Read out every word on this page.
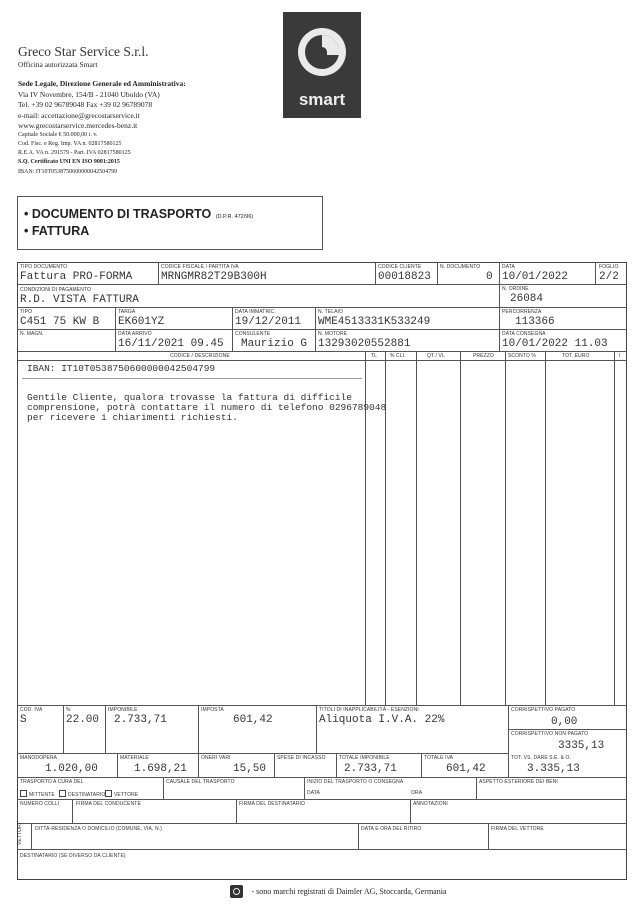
Greco Star Service S.r.l.
Officina autorizzata Smart
Sede Legale, Direzione Generale ed Amministrativa:
Via IV Novembre, 154/B - 21040 Uboldo (VA)
Tel. +39 02 96789048 Fax +39 02 96789078
e-mail: accettazione@grecostarservice.it
www.grecostarservice.mercedes-benz.it
Capitale Sociale € 50.000,00 i. v.
Cod. Fisc. e Reg. Imp. VA n. 02817580125
R.E.A. VA n. 291579 - Part. IVA 02817580125
S.Q. Certificato UNI EN ISO 9001:2015
IBAN: IT10T0538750600000042504799
smart
• DOCUMENTO DI TRASPORTO (D.P.R. 472/96)
• FATTURA
TIPO DOCUMENTO
Fattura PRO-FORMA
CODICE FISCALE / PARTITA IVA
MRNGMR82T29B300H
CODICE CLIENTE
00018823
N. DOCUMENTO
0
DATA
10/01/2022
FOGLIO
2/2
CONDIZIONI DI PAGAMENTO
R.D. VISTA FATTURA
N. ORDINE
26084
TIPO
C451 75 KW B
TARGA
EK601YZ
DATA IMMATRIC.
19/12/2011
N. TELAIO
WME4513331K533249
PERCORRENZA
113366
N. MAGN.	DATA ARRIVO
16/11/2021 09.45
CONSULENTE
Maurizio G
N. MOTORE
13293020552881
DATA CONSEGNA
10/01/2022 11.03
CODICE / DESCRIZIONE	TL	% CLI.	QT / VL	PREZZO	SCONTO %	TOT. EURO	I
IBAN: IT10T0538750600000042504799
Gentile Cliente, qualora trovasse la fattura di difficile
comprensione, potrà contattare il numero di telefono 0296789048
per ricevere i chiarimenti richiesti.
COD. IVA
S
%
22.00
IMPONIBILE
2.733,71
IMPOSTA
601,42
TITOLI DI INAPPLICABILITÀ - ESENZIONI
Aliquota I.V.A. 22%
CORRISPETTIVO PAGATO
0,00
CORRISPETTIVO NON PAGATO
3335,13
MANODOPERA
1.020,00
MATERIALE
1.698,21
ONERI VARI
15,50
SPESE DI INCASSO	TOTALE IMPONIBILE
2.733,71
TOTALE IVA
601,42
TOT. VS. DARE S.E. & O.
3.335,13
TRASPORTO A CURA DEL
MITTENTE	DESTINATARIO	VETTORE
CAUSALE DEL TRASPORTO	INIZIO DEL TRASPORTO O CONSEGNA
DATA	ORA
ASPETTO ESTERIORE DEI BENI
NUMERO COLLI	FIRMA DEL CONDUCENTE	FIRMA DEL DESTINATARIO	ANNOTAZIONI
VETTORI DITTA-RESIDENZA O DOMICILIO (COMUNE, VIA, N.)	DATA E ORA DEL RITIRO	FIRMA DEL VETTORE
DESTINATARIO (SE DIVERSO DA CLIENTE)
- sono marchi registrati di Daimler AG, Stoccarda, Germania
